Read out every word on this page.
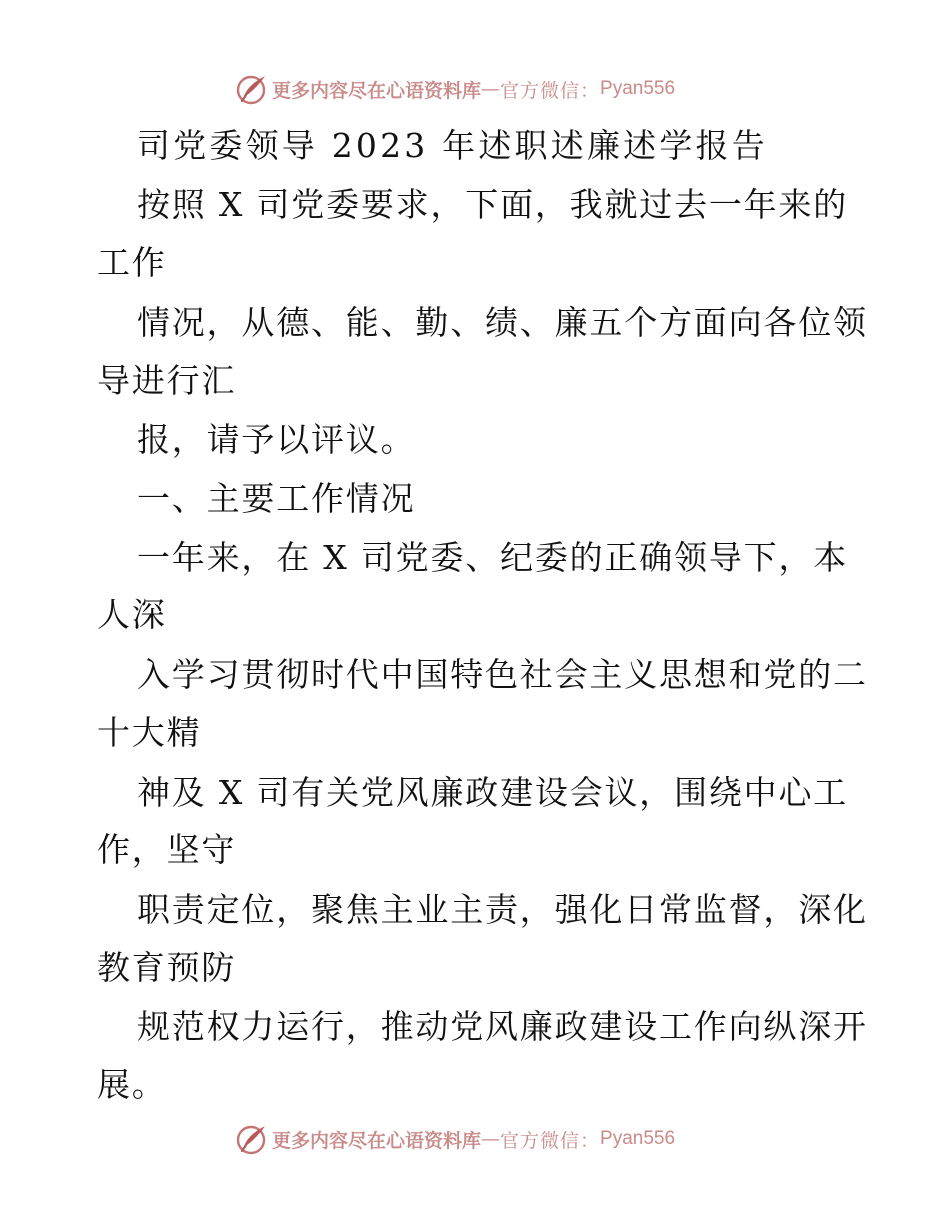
更多内容尽在心语资料库 — 官方微信： Pyan556

司党委领导 2023 年述职述廉述学报告

按照 X 司党委要求，下面，我就过去一年来的

工作

情况，从德、能、勤、绩、廉五个方面向各位领

导进行汇

报，请予以评议。

一、主要工作情况

一年来，在 X 司党委、纪委的正确领导下，本

人深

入学习贯彻时代中国特色社会主义思想和党的二

十大精

神及 X 司有关党风廉政建设会议，围绕中心工

作，坚守

职责定位，聚焦主业主责，强化日常监督，深化

教育预防

规范权力运行，推动党风廉政建设工作向纵深开

展。

更多内容尽在心语资料库 — 官方微信： Pyan556
